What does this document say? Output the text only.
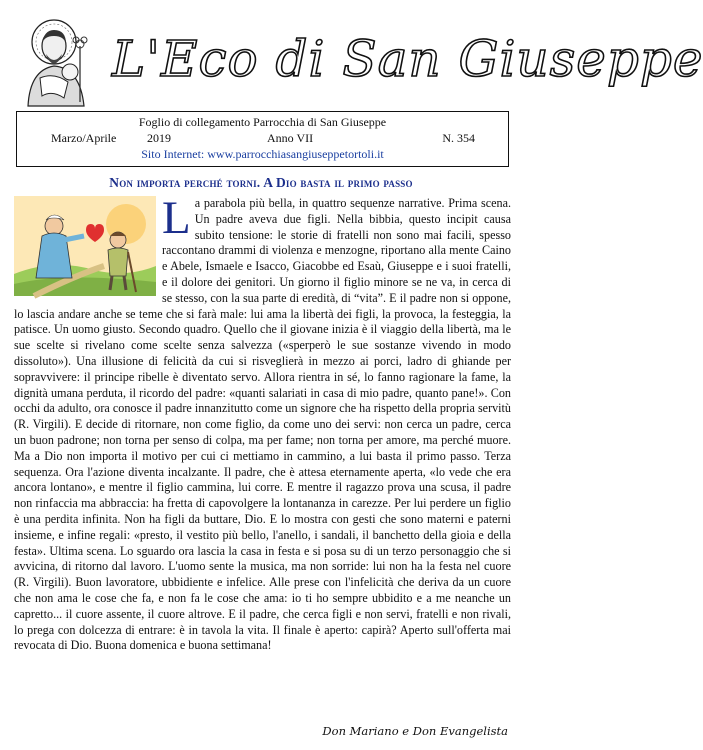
L'Eco di San Giuseppe
Foglio di collegamento Parrocchia di San Giuseppe
Marzo/Aprile	2019	Anno VII	N. 354
Sito Internet: www.parrocchiasangiuseppetortoli.it
Non importa perché torni. A Dio basta il primo passo
L a parabola più bella, in quattro sequenze narrative. Prima scena. Un padre aveva due figli. Nella bibbia, questo incipit causa subito tensione: le storie di fratelli non sono mai facili, spesso raccontano drammi di violenza e menzogne, riportano alla mente Caino e Abele, Ismaele e Isacco, Giacobbe ed Esaù, Giuseppe e i suoi fratelli, e il dolore dei genitori. Un giorno il figlio minore se ne va, in cerca di se stesso, con la sua parte di eredità, di “vita”. E il padre non si oppone, lo lascia andare anche se teme che si farà male: lui ama la libertà dei figli, la provoca, la festeggia, la patisce. Un uomo giusto. Secondo quadro. Quello che il giovane inizia è il viaggio della libertà, ma le sue scelte si rivelano come scelte senza salvezza («sperperò le sue sostanze vivendo in modo dissoluto»). Una illusione di felicità da cui si risveglierà in mezzo ai porci, ladro di ghiande per sopravvivere: il principe ribelle è diventato servo. Allora rientra in sé, lo fanno ragionare la fame, la dignità umana perduta, il ricordo del padre: «quanti salariati in casa di mio padre, quanto pane!». Con occhi da adulto, ora conosce il padre innanzitutto come un signore che ha rispetto della propria servitù (R. Virgili). E decide di ritornare, non come figlio, da come uno dei servi: non cerca un padre, cerca un buon padrone; non torna per senso di colpa, ma per fame; non torna per amore, ma perché muore. Ma a Dio non importa il motivo per cui ci mettiamo in cammino, a lui basta il primo passo. Terza sequenza. Ora l'azione diventa incalzante. Il padre, che è attesa eternamente aperta, «lo vede che era ancora lontano», e mentre il figlio cammina, lui corre. E mentre il ragazzo prova una scusa, il padre non rinfaccia ma abbraccia: ha fretta di capovolgere la lontananza in carezze. Per lui perdere un figlio è una perdita infinita. Non ha figli da buttare, Dio. E lo mostra con gesti che sono materni e paterni insieme, e infine regali: «presto, il vestito più bello, l'anello, i sandali, il banchetto della gioia e della festa». Ultima scena. Lo sguardo ora lascia la casa in festa e si posa su di un terzo personaggio che si avvicina, di ritorno dal lavoro. L'uomo sente la musica, ma non sorride: lui non ha la festa nel cuore (R. Virgili). Buon lavoratore, ubbidiente e infelice. Alle prese con l'infelicità che deriva da un cuore che non ama le cose che fa, e non fa le cose che ama: io ti ho sempre ubbidito e a me neanche un capretto... il cuore assente, il cuore altrove. E il padre, che cerca figli e non servi, fratelli e non rivali, lo prega con dolcezza di entrare: è in tavola la vita. Il finale è aperto: capirà? Aperto sull'offerta mai revocata di Dio. Buona domenica e buona settimana!
Don Mariano e Don Evangelista
